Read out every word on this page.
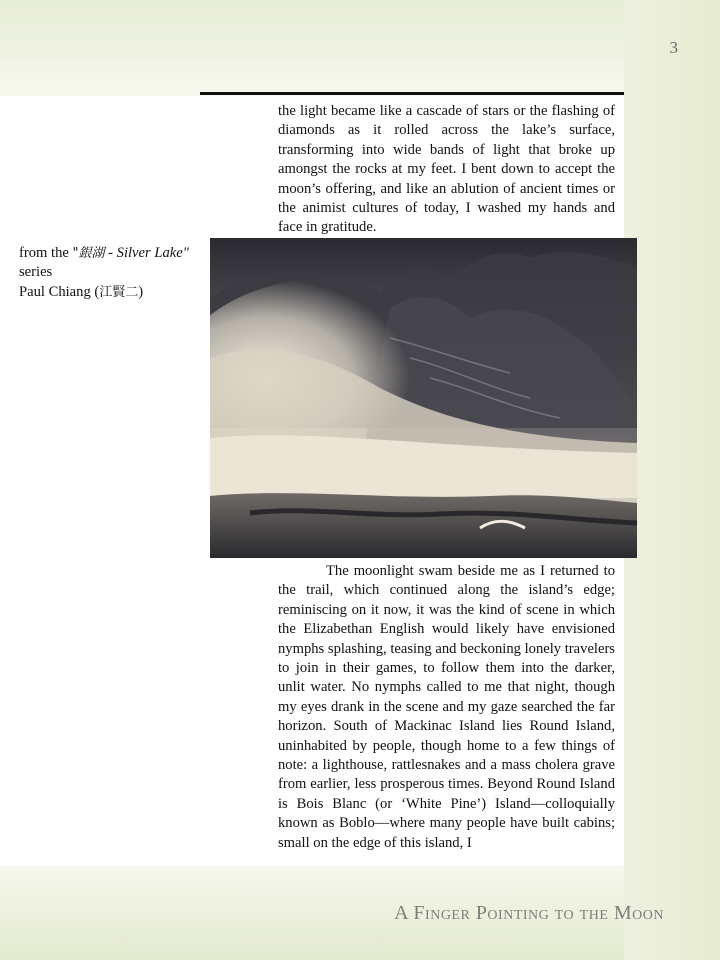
3

the light became like a cascade of stars or the flashing of diamonds as it rolled across the lake’s surface, transforming into wide bands of light that broke up amongst the rocks at my feet. I bent down to accept the moon’s offering, and like an ablution of ancient times or the animist cultures of today, I washed my hands and face in gratitude.

from the "銀湖 - Silver Lake" series
Paul Chiang (江賢二)

The moonlight swam beside me as I returned to the trail, which continued along the island’s edge; reminiscing on it now, it was the kind of scene in which the Elizabethan English would likely have envisioned nymphs splashing, teasing and beckoning lonely travelers to join in their games, to follow them into the darker, unlit water. No nymphs called to me that night, though my eyes drank in the scene and my gaze searched the far horizon. South of Mackinac Island lies Round Island, uninhabited by people, though home to a few things of note: a lighthouse, rattlesnakes and a mass cholera grave from earlier, less prosperous times. Beyond Round Island is Bois Blanc (or ‘White Pine’) Island—colloquially known as Boblo—where many people have built cabins; small on the edge of this island, I

A Finger Pointing to the Moon
